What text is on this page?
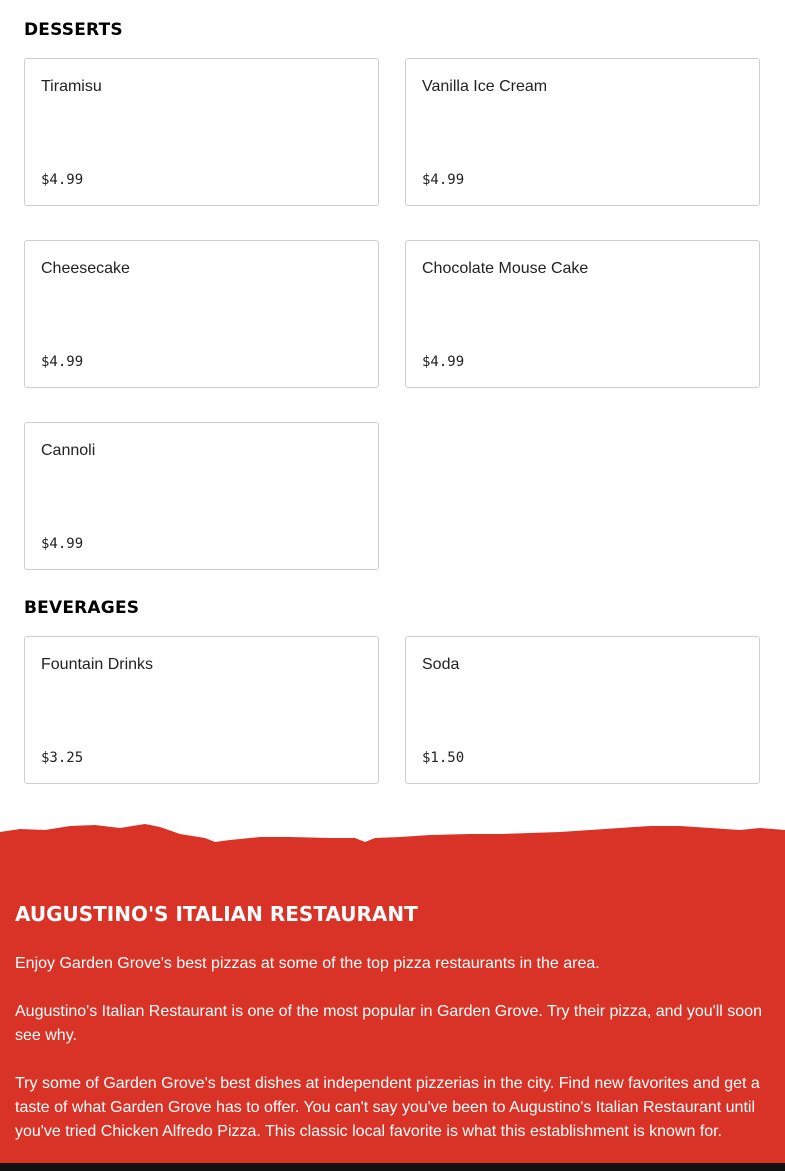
DESSERTS
Tiramisu
$4.99
Vanilla Ice Cream
$4.99
Cheesecake
$4.99
Chocolate Mouse Cake
$4.99
Cannoli
$4.99
BEVERAGES
Fountain Drinks
$3.25
Soda
$1.50
AUGUSTINO'S ITALIAN RESTAURANT

Enjoy Garden Grove's best pizzas at some of the top pizza restaurants in the area.

Augustino's Italian Restaurant is one of the most popular in Garden Grove. Try their pizza, and you'll soon see why.

Try some of Garden Grove's best dishes at independent pizzerias in the city. Find new favorites and get a taste of what Garden Grove has to offer. You can't say you've been to Augustino's Italian Restaurant until you've tried Chicken Alfredo Pizza. This classic local favorite is what this establishment is known for.
